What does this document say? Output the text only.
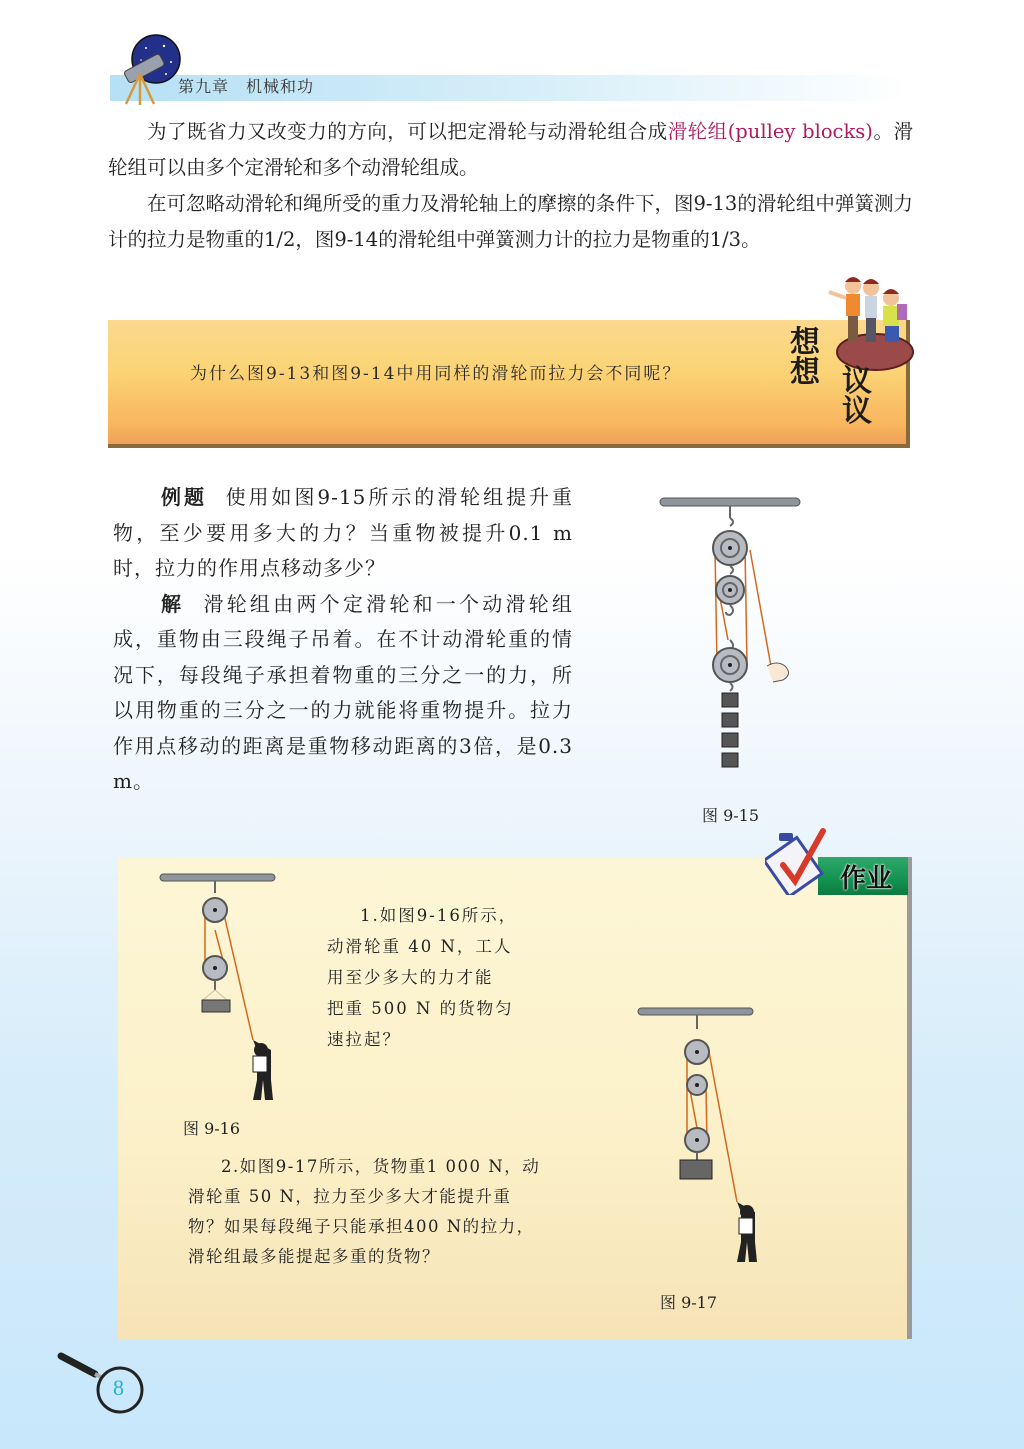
第九章　机械和功

为了既省力又改变力的方向，可以把定滑轮与动滑轮组合成滑轮组(pulley blocks)。滑轮组可以由多个定滑轮和多个动滑轮组成。

在可忽略动滑轮和绳所受的重力及滑轮轴上的摩擦的条件下，图9-13的滑轮组中弹簧测力计的拉力是物重的1/2，图9-14的滑轮组中弹簧测力计的拉力是物重的1/3。

为什么图9-13和图9-14中用同样的滑轮而拉力会不同呢？
想想 议议

例题 使用如图9-15所示的滑轮组提升重物，至少要用多大的力？当重物被提升0.1 m时，拉力的作用点移动多少？

解 滑轮组由两个定滑轮和一个动滑轮组成，重物由三段绳子吊着。在不计动滑轮重的情况下，每段绳子承担着物重的三分之一的力，所以用物重的三分之一的力就能将重物提升。拉力作用点移动的距离是重物移动距离的3倍，是0.3 m。

图 9-15
作业
图 9-16
1.如图9-16所示，
动滑轮重 40 N，工人
用至少多大的力才能
把重 500 N 的货物匀
速拉起？
2.如图9-17所示，货物重1 000 N，动
滑轮重 50 N，拉力至少多大才能提升重
物？如果每段绳子只能承担400 N的拉力，
滑轮组最多能提起多重的货物？
图 9-17
8
